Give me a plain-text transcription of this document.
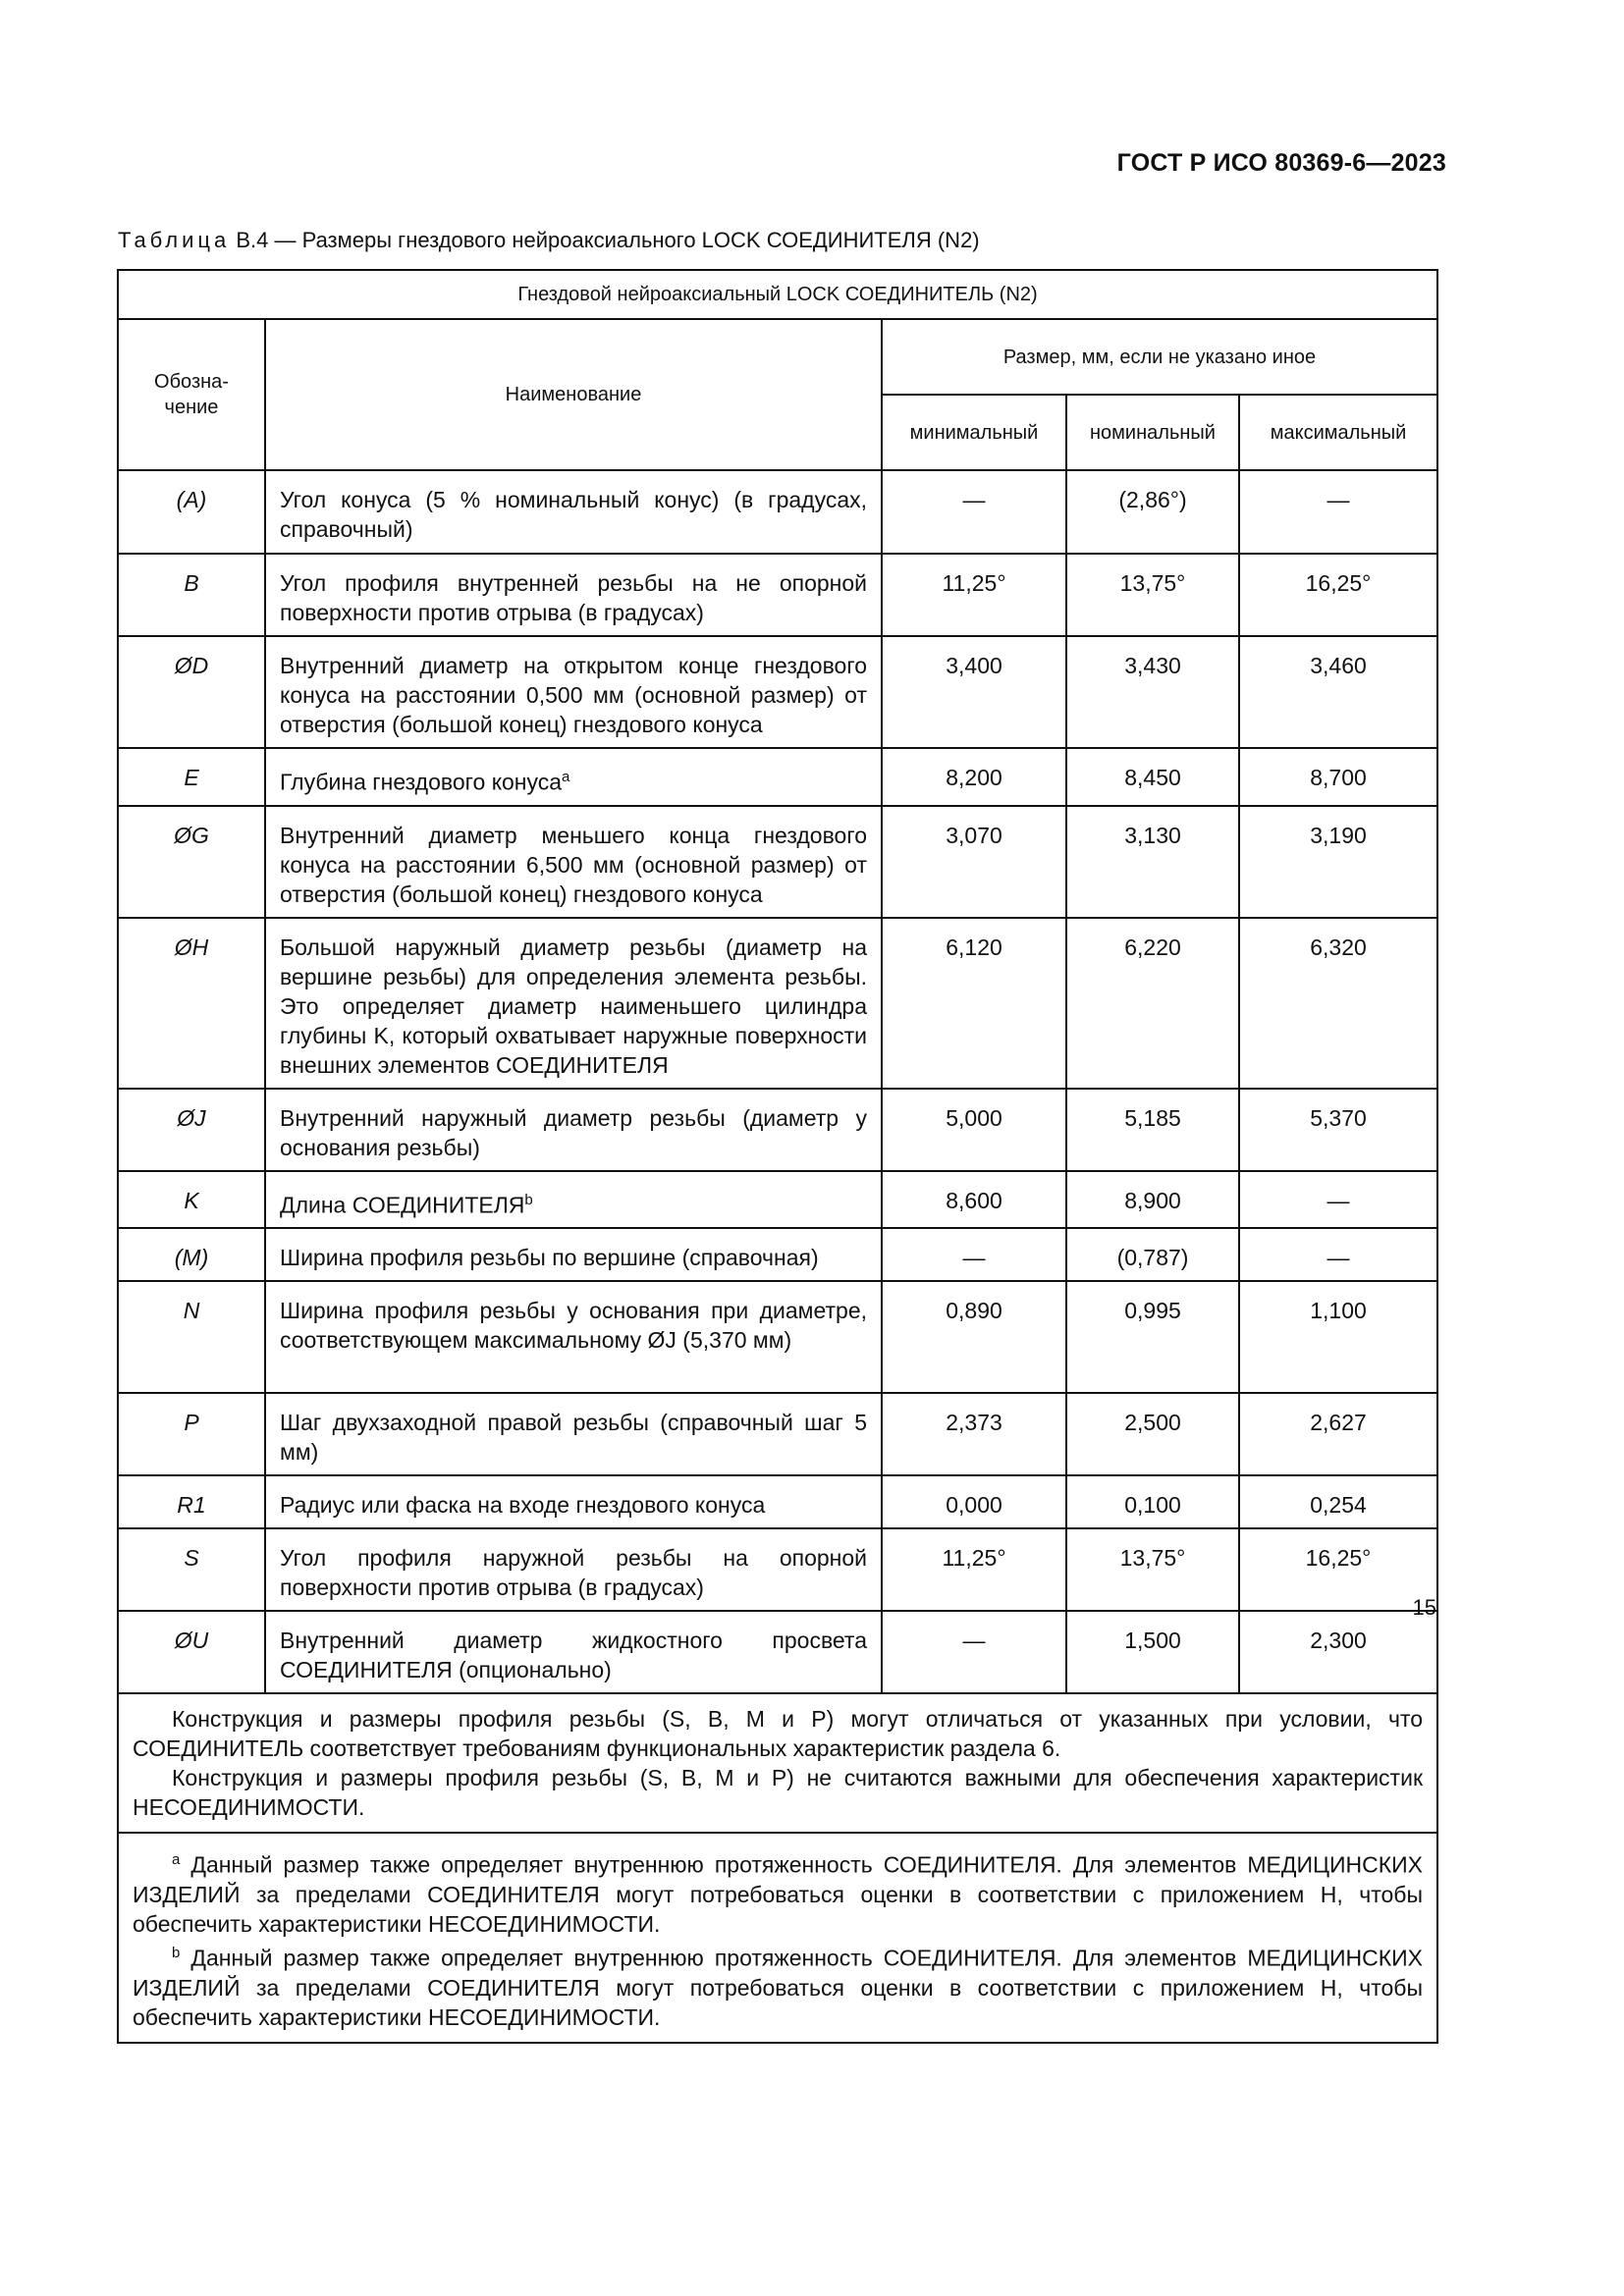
ГОСТ Р ИСО 80369-6—2023
Таблица В.4 — Размеры гнездового нейроаксиального LOCK СОЕДИНИТЕЛЯ (N2)
Гнездовой нейроаксиальный LOCK СОЕДИНИТЕЛЬ (N2)				
Обозна-
чение	Наименование	Размер, мм, если не указано иное		
		минимальный	номинальный	максимальный
(A)	Угол конуса (5 % номинальный конус) (в градусах, справочный)	—	(2,86°)	—
B	Угол профиля внутренней резьбы на не опорной поверхности против отрыва (в градусах)	11,25°	13,75°	16,25°
ØD	Внутренний диаметр на открытом конце гнездового конуса на расстоянии 0,500 мм (основной размер) от отверстия (большой конец) гнездового конуса	3,400	3,430	3,460
E	Глубина гнездового конуса$^a$	8,200	8,450	8,700
ØG	Внутренний диаметр меньшего конца гнездового конуса на расстоянии 6,500 мм (основной размер) от отверстия (большой конец) гнездового конуса	3,070	3,130	3,190
ØH	Большой наружный диаметр резьбы (диаметр на вершине резьбы) для определения элемента резьбы. Это определяет диаметр наименьшего цилиндра глубины K, который охватывает наружные поверхности внешних элементов СОЕДИНИТЕЛЯ	6,120	6,220	6,320
ØJ	Внутренний наружный диаметр резьбы (диаметр у основания резьбы)	5,000	5,185	5,370
K	Длина СОЕДИНИТЕЛЯ$^b$	8,600	8,900	—
(M)	Ширина профиля резьбы по вершине (справочная)	—	(0,787)	—
N	Ширина профиля резьбы у основания при диаметре, соответствующем максимальному ØJ (5,370 мм)	0,890	0,995	1,100
P	Шаг двухзаходной правой резьбы (справочный шаг 5 мм)	2,373	2,500	2,627
R1	Радиус или фаска на входе гнездового конуса	0,000	0,100	0,254
S	Угол профиля наружной резьбы на опорной поверхности против отрыва (в градусах)	11,25°	13,75°	16,25°
ØU	Внутренний диаметр жидкостного просвета СОЕДИНИТЕЛЯ (опционально)	—	1,500	2,300

Конструкция и размеры профиля резьбы (S, B, M и P) могут отличаться от указанных при условии, что СОЕДИНИТЕЛЬ соответствует требованиям функциональных характеристик раздела 6.

Конструкция и размеры профиля резьбы (S, B, M и P) не считаются важными для обеспечения характеристик НЕСОЕДИНИМОСТИ.				

$^a$ Данный размер также определяет внутреннюю протяженность СОЕДИНИТЕЛЯ. Для элементов МЕДИЦИНСКИХ ИЗДЕЛИЙ за пределами СОЕДИНИТЕЛЯ могут потребоваться оценки в соответствии с приложением Н, чтобы обеспечить характеристики НЕСОЕДИНИМОСТИ.

$^b$ Данный размер также определяет внутреннюю протяженность СОЕДИНИТЕЛЯ. Для элементов МЕДИЦИНСКИХ ИЗДЕЛИЙ за пределами СОЕДИНИТЕЛЯ могут потребоваться оценки в соответствии с приложением Н, чтобы обеспечить характеристики НЕСОЕДИНИМОСТИ.				

15
